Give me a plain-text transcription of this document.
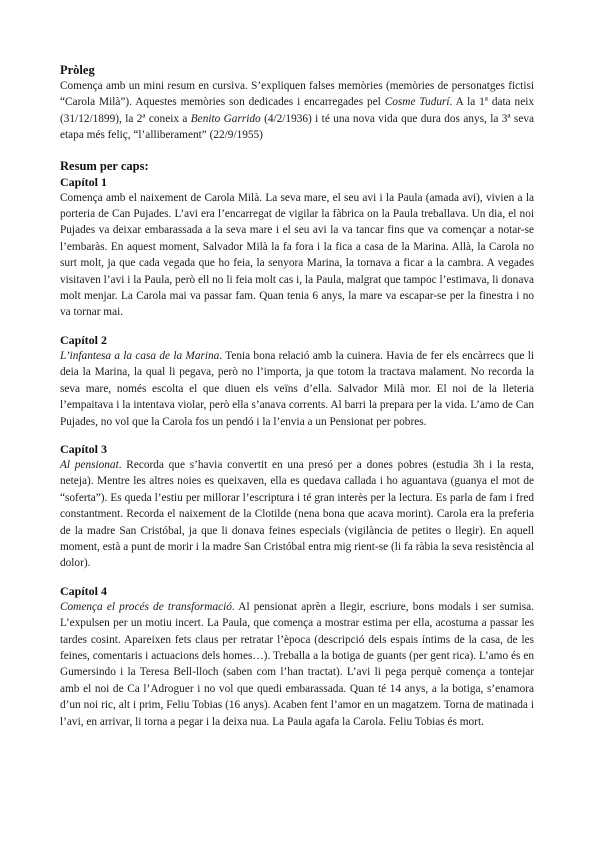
Pròleg

Comença amb un mini resum en cursiva. S’expliquen falses memòries (memòries de personatges fictisi “Carola Milà”). Aquestes memòries son dedicades i encarregades pel Cosme Tudurí. A la 1ª data neix (31/12/1899), la 2ª coneix a Benito Garrido (4/2/1936) i té una nova vida que dura dos anys, la 3ª seva etapa més feliç, “l’alliberament” (22/9/1955)

Resum per caps:
Capítol 1

Comença amb el naixement de Carola Milà. La seva mare, el seu avi i la Paula (amada avi), vivien a la porteria de Can Pujades. L’avi era l’encarregat de vigilar la fàbrica on la Paula treballava. Un dia, el noi Pujades va deixar embarassada a la seva mare i el seu avi la va tancar fins que va començar a notar-se l’embaràs. En aquest moment, Salvador Milà la fa fora i la fica a casa de la Marina. Allà, la Carola no surt molt, ja que cada vegada que ho feia, la senyora Marina, la tornava a ficar a la cambra. A vegades visitaven l’avi i la Paula, però ell no li feia molt cas i, la Paula, malgrat que tampoc l’estimava, li donava molt menjar. La Carola mai va passar fam. Quan tenia 6 anys, la mare va escapar-se per la finestra i no va tornar mai.

Capítol 2

L’infantesa a la casa de la Marina. Tenia bona relació amb la cuinera. Havia de fer els encàrrecs que li deia la Marina, la qual li pegava, però no l’importa, ja que totom la tractava malament. No recorda la seva mare, només escolta el que diuen els veïns d’ella. Salvador Milà mor. El noi de la lleteria l’empaitava i la intentava violar, però ella s’anava corrents. Al barri la prepara per la vida. L’amo de Can Pujades, no vol que la Carola fos un pendó i la l’envia a un Pensionat per pobres.

Capítol 3

Al pensionat. Recorda que s’havia convertit en una presó per a dones pobres (estudia 3h i la resta, neteja). Mentre les altres noies es queixaven, ella es quedava callada i ho aguantava (guanya el mot de “soferta”). Es queda l’estiu per millorar l’escriptura i té gran interès per la lectura. Es parla de fam i fred constantment. Recorda el naixement de la Clotilde (nena bona que acava morint). Carola era la preferia de la madre San Cristóbal, ja que li donava feines especials (vigilància de petites o llegir). En aquell moment, està a punt de morir i la madre San Cristóbal entra mig rient-se (li fa ràbia la seva resistència al dolor).

Capítol 4

Comença el procés de transformació. Al pensionat aprèn a llegir, escriure, bons modals i ser sumisa. L’expulsen per un motiu incert. La Paula, que comença a mostrar estima per ella, acostuma a passar les tardes cosint. Apareixen fets claus per retratar l’època (descripció dels espais íntims de la casa, de les feines, comentaris i actuacions dels homes…). Treballa a la botiga de guants (per gent rica). L’amo és en Gumersindo i la Teresa Bell-lloch (saben com l’han tractat). L’avi li pega perquè comença a tontejar amb el noi de Ca l’Adroguer i no vol que quedi embarassada. Quan té 14 anys, a la botiga, s’enamora d’un noi ric, alt i prim, Feliu Tobias (16 anys). Acaben fent l’amor en un magatzem. Torna de matinada i l’avi, en arrivar, li torna a pegar i la deixa nua. La Paula agafa la Carola. Feliu Tobias és mort.
